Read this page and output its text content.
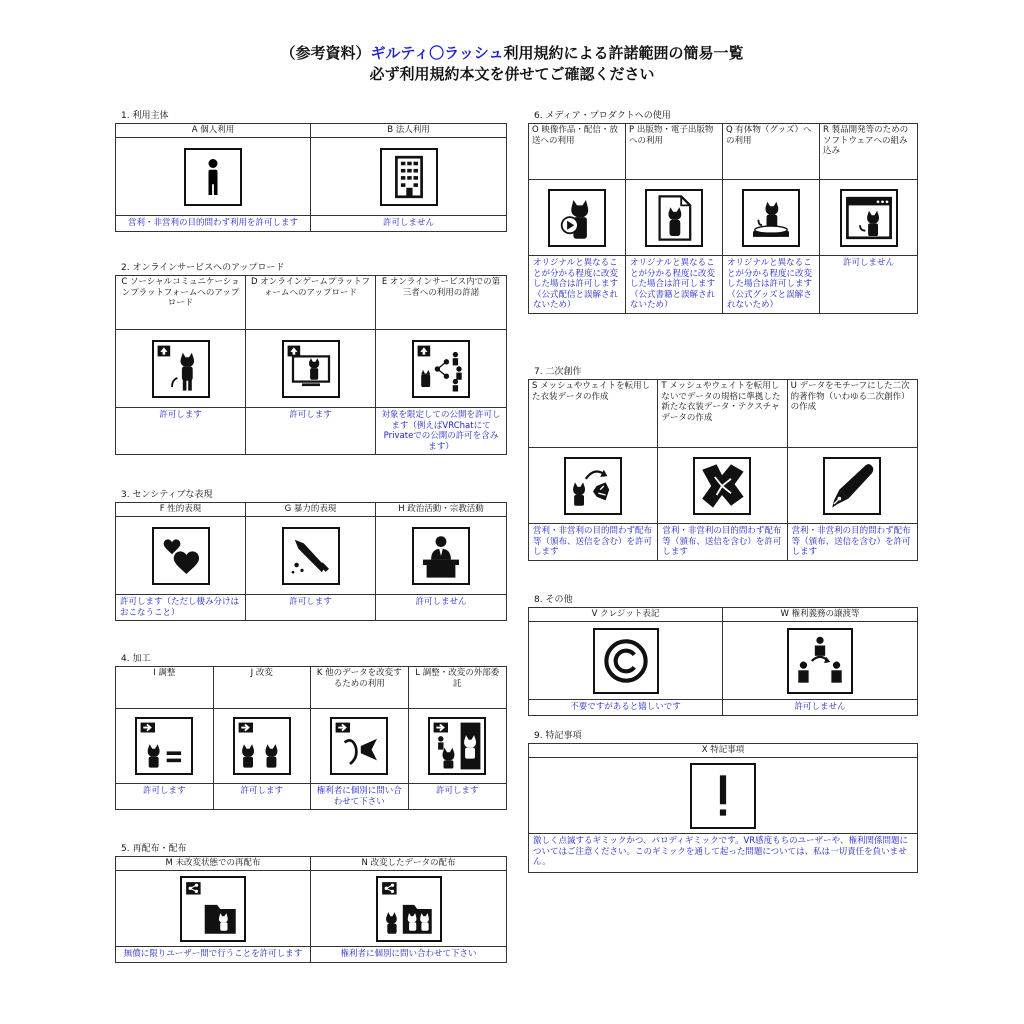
（参考資料）ギルティ〇ラッシュ利用規約による許諾範囲の簡易一覧
必ず利用規約本文を併せてご確認ください
1. 利用主体
A 個人利用
営利・非営利の目的問わず利用を許可します
B 法人利用
許可しません
2. オンラインサービスへのアップロード
C ソーシャルコミュニケーションプラットフォームへのアップロード
許可します
D オンラインゲームプラットフォームへのアップロード
許可します
E オンラインサービス内での第三者への利用の許諾
対象を限定しての公開を許可します（例えばVRChatにてPrivateでの公開の許可を含みます）
3. センシティブな表現
F 性的表現
許可します（ただし棲み分けはおこなうこと）
G 暴力的表現
許可します
H 政治活動・宗教活動
許可しません
4. 加工
I 調整
許可します
J 改変
許可します
K 他のデータを改変するための利用
権利者に個別に問い合わせて下さい
L 調整・改変の外部委託
許可します
5. 再配布・配布
M 未改変状態での再配布
無償に限りユーザー間で行うことを許可します
N 改変したデータの配布
権利者に個別に問い合わせて下さい
6. メディア・プロダクトへの使用
O 映像作品・配信・放送への利用
オリジナルと異なることが分かる程度に改変した場合は許可します（公式配信と誤解されないため）
P 出版物・電子出版物への利用
オリジナルと異なることが分かる程度に改変した場合は許可します（公式書籍と誤解されないため）
Q 有体物（グッズ）への利用
オリジナルと異なることが分かる程度に改変した場合は許可します（公式グッズと誤解されないため）
R 製品開発等のためのソフトウェアへの組み込み
許可しません
7. 二次創作
S メッシュやウェイトを転用した衣装データの作成
営利・非営利の目的問わず配布等（頒布、送信を含む）を許可します
T メッシュやウェイトを転用しないでデータの規格に準拠した新たな衣装データ・テクスチャデータの作成
営利・非営利の目的問わず配布等（頒布、送信を含む）を許可します
U データをモチーフにした二次的著作物（いわゆる二次創作）の作成
営利・非営利の目的問わず配布等（頒布、送信を含む）を許可します
8. その他
V クレジット表記
不要ですがあると嬉しいです
W 権利義務の譲渡等
許可しません
9. 特記事項
X 特記事項
激しく点滅するギミックかつ、パロディギミックです。VR感度もちのユーザーや、権利関係問題についてはご注意ください。このギミックを通して起った問題については、私は一切責任を負いません。
